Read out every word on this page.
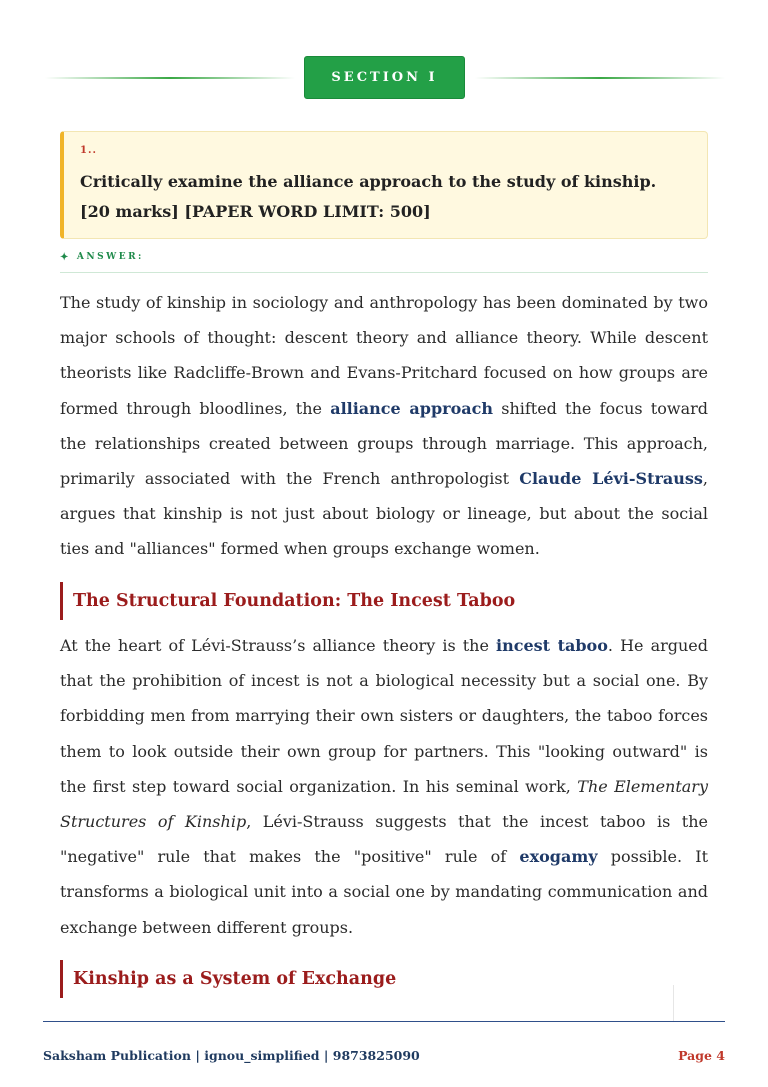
SECTION I
1..
Critically examine the alliance approach to the study of kinship. [20 marks] [PAPER WORD LIMIT: 500]
✦ ANSWER:

The study of kinship in sociology and anthropology has been dominated by two major schools of thought: descent theory and alliance theory. While descent theorists like Radcliffe-Brown and Evans-Pritchard focused on how groups are formed through bloodlines, the alliance approach shifted the focus toward the relationships created between groups through marriage. This approach, primarily associated with the French anthropologist Claude Lévi-Strauss, argues that kinship is not just about biology or lineage, but about the social ties and "alliances" formed when groups exchange women.

The Structural Foundation: The Incest Taboo

At the heart of Lévi-Strauss’s alliance theory is the incest taboo. He argued that the prohibition of incest is not a biological necessity but a social one. By forbidding men from marrying their own sisters or daughters, the taboo forces them to look outside their own group for partners. This "looking outward" is the first step toward social organization. In his seminal work, The Elementary Structures of Kinship, Lévi-Strauss suggests that the incest taboo is the "negative" rule that makes the "positive" rule of exogamy possible. It transforms a biological unit into a social one by mandating communication and exchange between different groups.

Kinship as a System of Exchange
Saksham Publication | ignou_simplified | 9873825090	Page 4
